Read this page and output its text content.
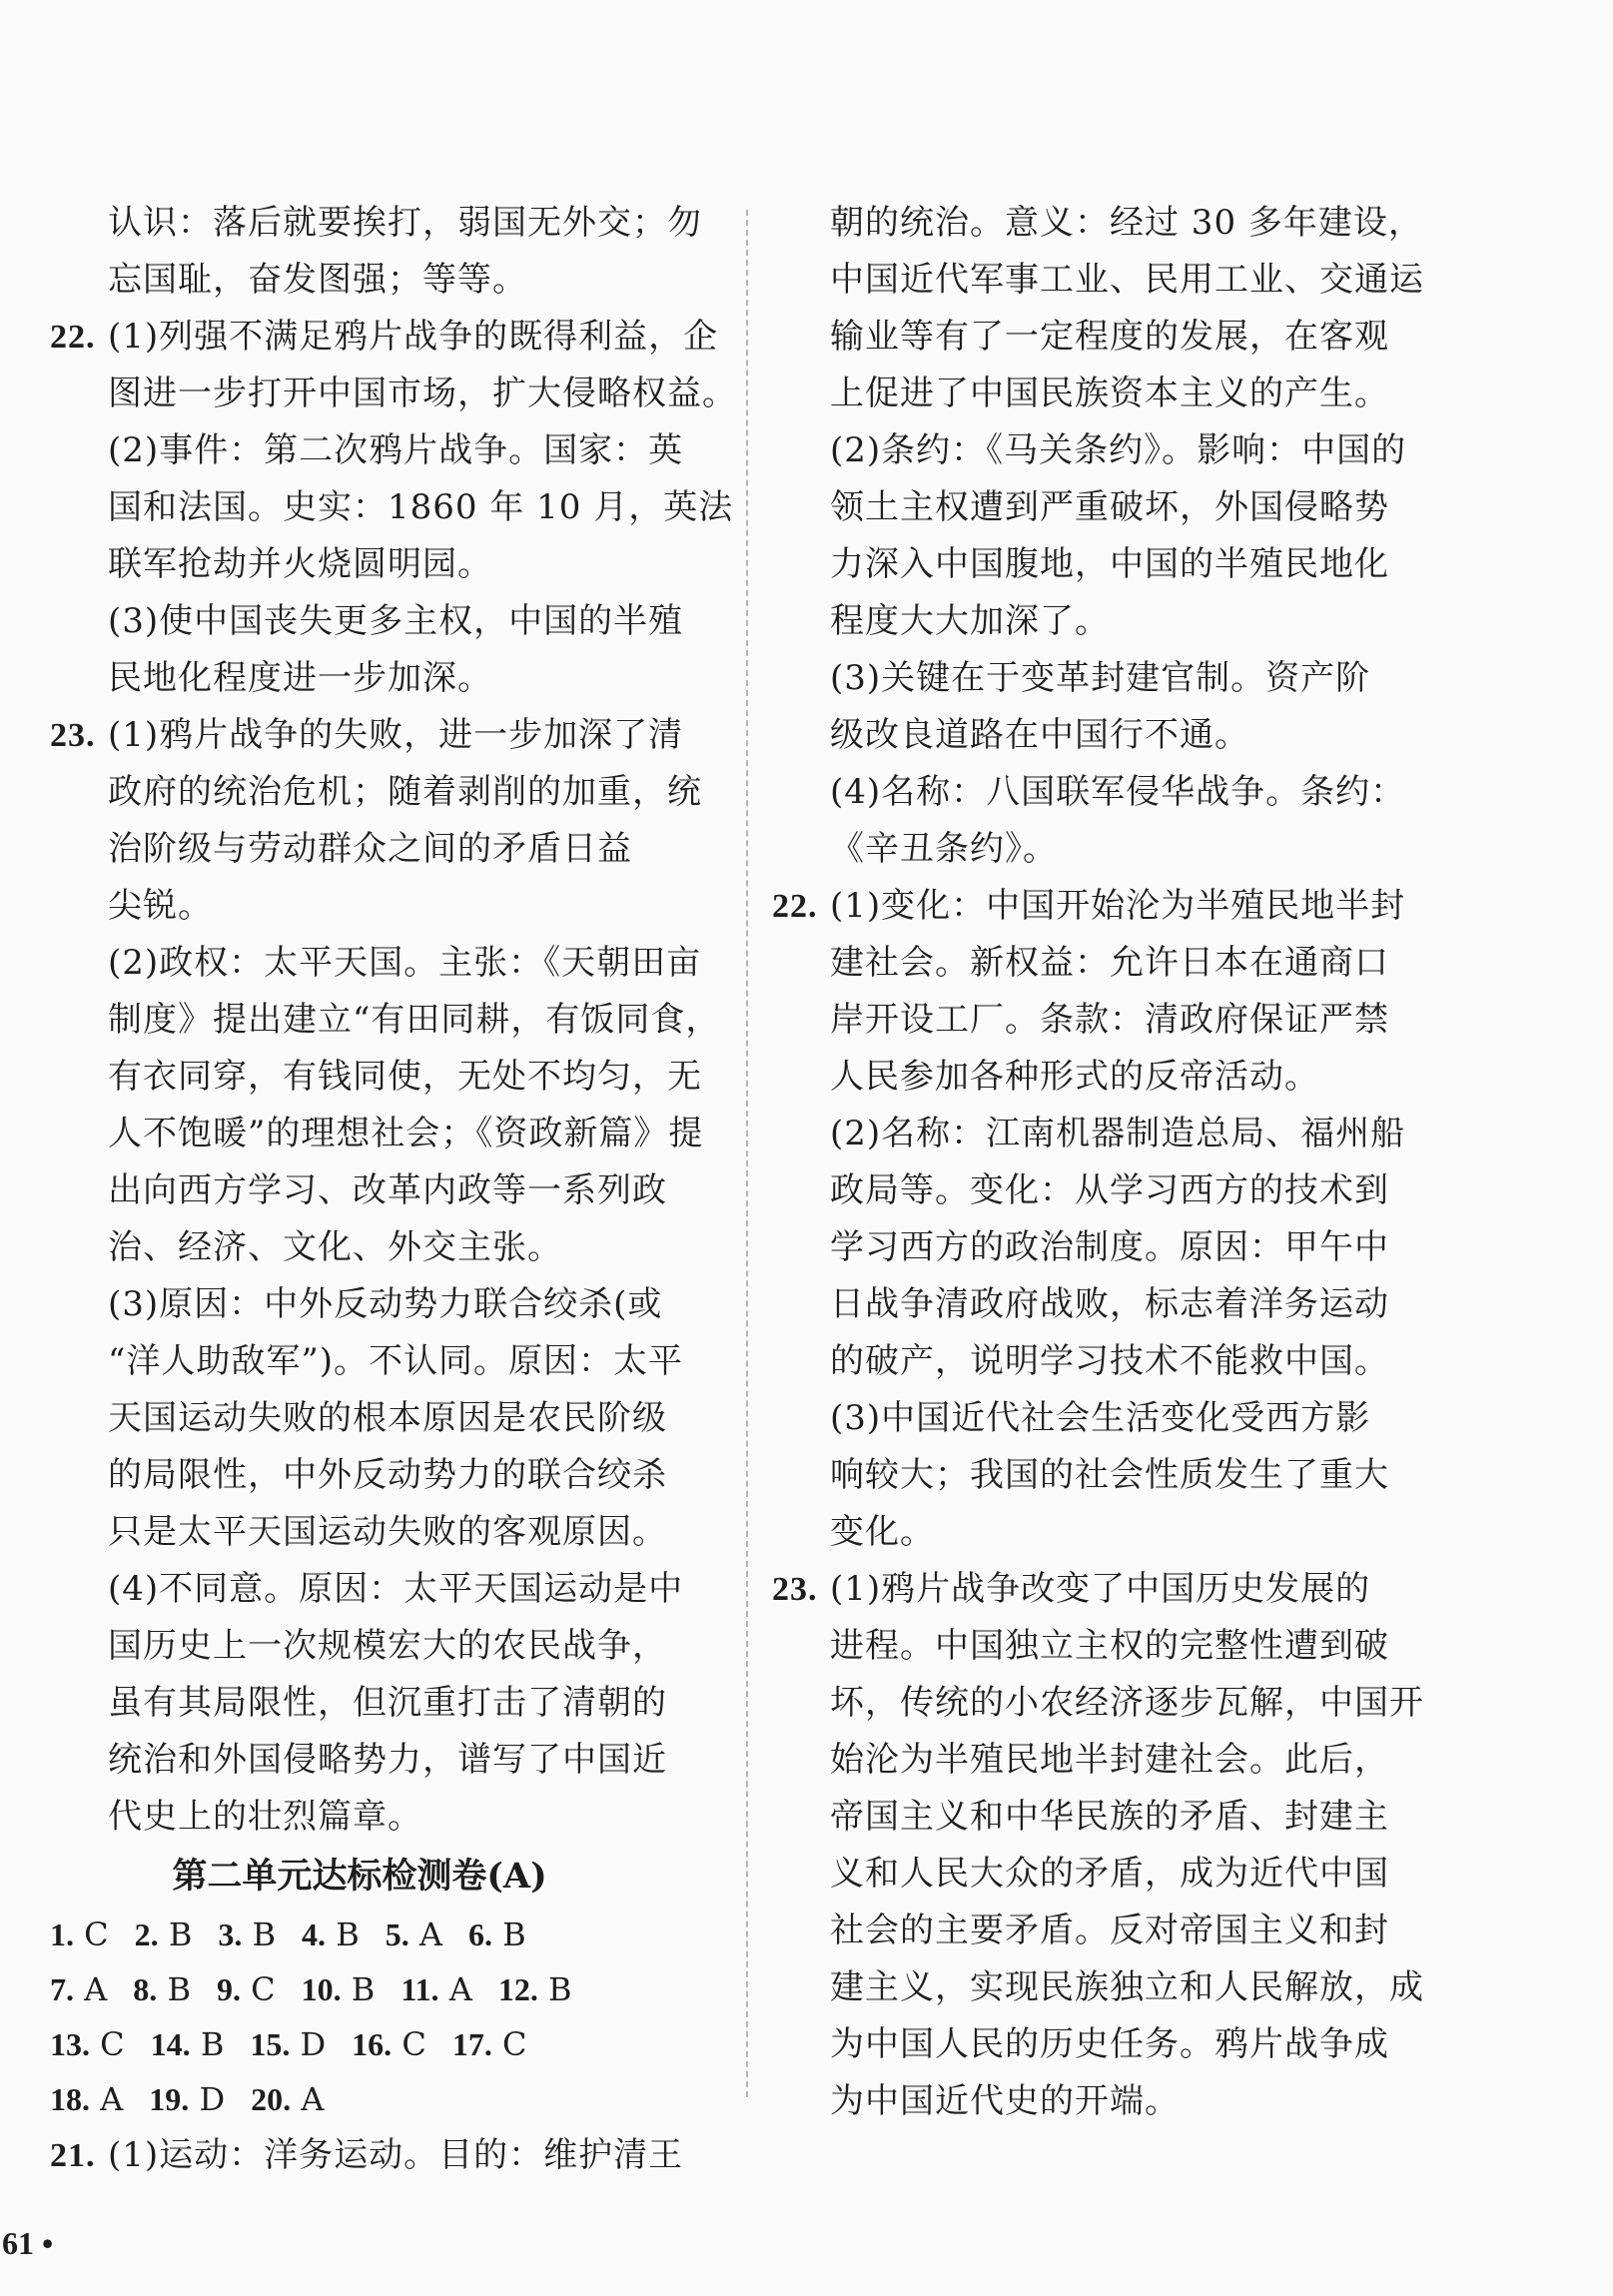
认识：落后就要挨打，弱国无外交；勿
忘国耻，奋发图强；等等。
22. (1)列强不满足鸦片战争的既得利益，企
图进一步打开中国市场，扩大侵略权益。
(2)事件：第二次鸦片战争。国家：英
国和法国。史实：1860 年 10 月，英法
联军抢劫并火烧圆明园。
(3)使中国丧失更多主权，中国的半殖
民地化程度进一步加深。
23. (1)鸦片战争的失败，进一步加深了清
政府的统治危机；随着剥削的加重，统
治阶级与劳动群众之间的矛盾日益
尖锐。
(2)政权：太平天国。主张：《天朝田亩
制度》提出建立“有田同耕，有饭同食，
有衣同穿，有钱同使，无处不均匀，无
人不饱暖”的理想社会；《资政新篇》提
出向西方学习、改革内政等一系列政
治、经济、文化、外交主张。
(3)原因：中外反动势力联合绞杀(或
“洋人助敌军”)。不认同。原因：太平
天国运动失败的根本原因是农民阶级
的局限性，中外反动势力的联合绞杀
只是太平天国运动失败的客观原因。
(4)不同意。原因：太平天国运动是中
国历史上一次规模宏大的农民战争，
虽有其局限性，但沉重打击了清朝的
统治和外国侵略势力，谱写了中国近
代史上的壮烈篇章。
第二单元达标检测卷(A)
1. C 2. B 3. B 4. B 5. A 6. B
7. A 8. B 9. C 10. B 11. A 12. B
13. C 14. B 15. D 16. C 17. C
18. A 19. D 20. A
21. (1)运动：洋务运动。目的：维护清王
朝的统治。意义：经过 30 多年建设，
中国近代军事工业、民用工业、交通运
输业等有了一定程度的发展，在客观
上促进了中国民族资本主义的产生。
(2)条约：《马关条约》。影响：中国的
领土主权遭到严重破坏，外国侵略势
力深入中国腹地，中国的半殖民地化
程度大大加深了。
(3)关键在于变革封建官制。资产阶
级改良道路在中国行不通。
(4)名称：八国联军侵华战争。条约：
《辛丑条约》。
22. (1)变化：中国开始沦为半殖民地半封
建社会。新权益：允许日本在通商口
岸开设工厂。条款：清政府保证严禁
人民参加各种形式的反帝活动。
(2)名称：江南机器制造总局、福州船
政局等。变化：从学习西方的技术到
学习西方的政治制度。原因：甲午中
日战争清政府战败，标志着洋务运动
的破产，说明学习技术不能救中国。
(3)中国近代社会生活变化受西方影
响较大；我国的社会性质发生了重大
变化。
23. (1)鸦片战争改变了中国历史发展的
进程。中国独立主权的完整性遭到破
坏，传统的小农经济逐步瓦解，中国开
始沦为半殖民地半封建社会。此后，
帝国主义和中华民族的矛盾、封建主
义和人民大众的矛盾，成为近代中国
社会的主要矛盾。反对帝国主义和封
建主义，实现民族独立和人民解放，成
为中国人民的历史任务。鸦片战争成
为中国近代史的开端。
61 •
